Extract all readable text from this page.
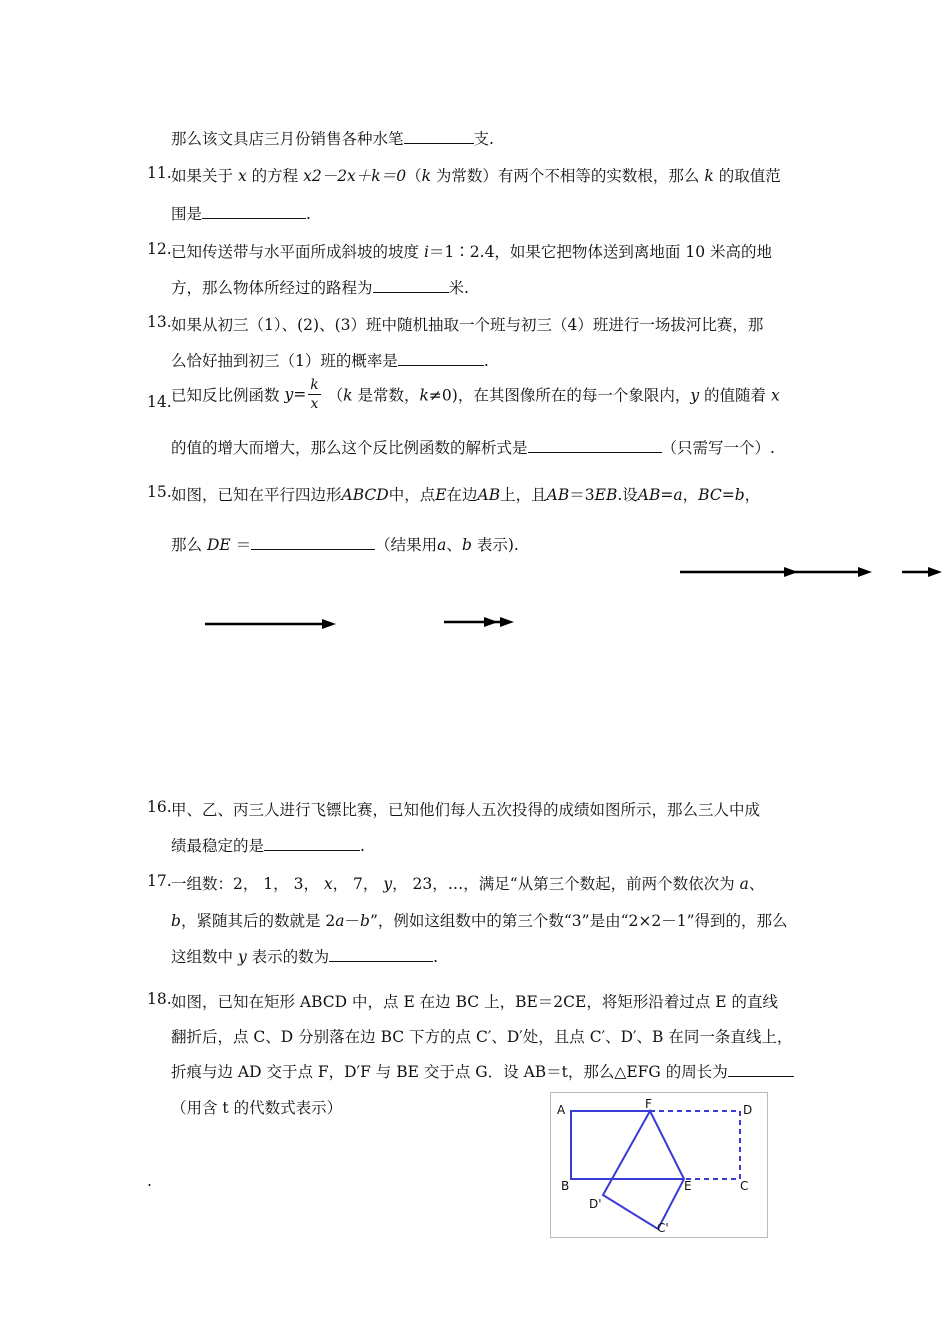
那么该文具店三月份销售各种水笔	支.
11. 如果关于 x 的方程 x2－2x＋k＝0（k 为常数）有两个不相等的实数根，那么 k 的取值范
围是	.
12. 已知传送带与水平面所成斜坡的坡度 i＝1∶2.4，如果它把物体送到离地面 10 米高的地
方，那么物体所经过的路程为	米.
13. 如果从初三（1）、(2)、(3）班中随机抽取一个班与初三（4）班进行一场拔河比赛，那
么恰好抽到初三（1）班的概率是	.
14. 已知反比例函数 $y= \frac{k}{x} (k$ 是常数，k≠0)，在其图像所在的每一个象限内，y 的值随着 x
的值的增大而增大，那么这个反比例函数的解析式是	（只需写一个）.
15. 如图，已知在平行四边形ABCD中，点E在边AB上，且AB＝3EB.设AB=a，BC=b，
那么 DE ＝	（结果用a、b 表示).
16. 甲、乙、丙三人进行飞镖比赛，已知他们每人五次投得的成绩如图所示，那么三人中成
绩最稳定的是	.
17. 一组数：2， 1， 3， x， 7， y， 23，…，满足“从第三个数起，前两个数依次为 a、
b，紧随其后的数就是 2a－b”，例如这组数中的第三个数“3”是由“2×2－1”得到的，那么
这组数中 y 表示的数为	.
18. 如图，已知在矩形 ABCD 中，点 E 在边 BC 上，BE＝2CE，将矩形沿着过点 E 的直线
翻折后，点 C、D 分别落在边 BC 下方的点 C′、D′处，且点 C′、D′、B 在同一条直线上，
折痕与边 AD 交于点 F，D′F 与 BE 交于点 G．设 AB＝t，那么△EFG 的周长为
（用含 t 的代数式表示）
.
A	F	D
B	E	C
D'
C'
